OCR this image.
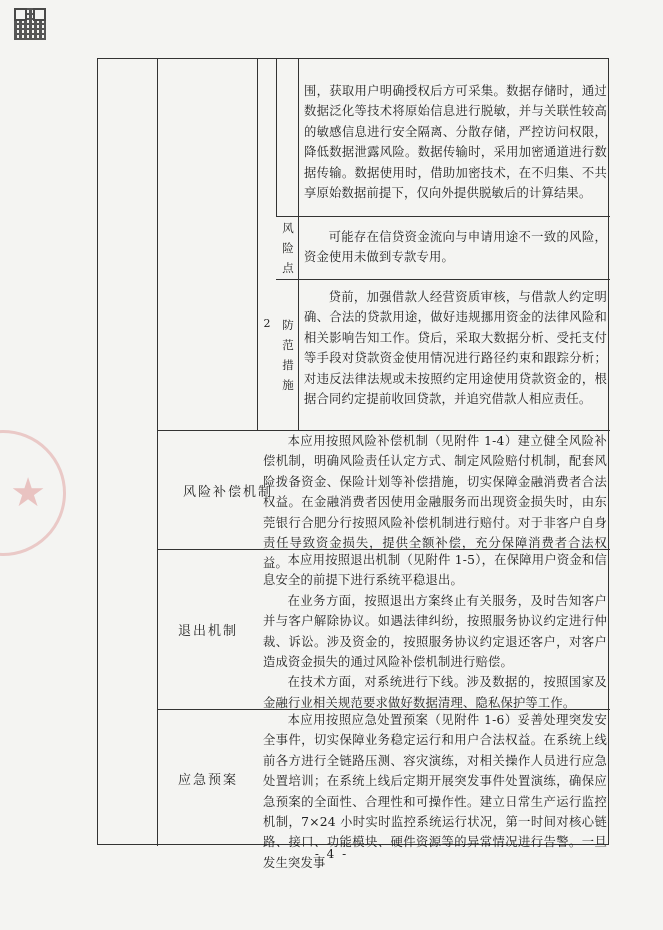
★

围，获取用户明确授权后方可采集。数据存储时，通过数据泛化等技术将原始信息进行脱敏，并与关联性较高的敏感信息进行安全隔离、分散存储，严控访问权限，降低数据泄露风险。数据传输时，采用加密通道进行数据传输。数据使用时，借助加密技术，在不归集、不共享原始数据前提下，仅向外提供脱敏后的计算结果。

2
风险点

可能存在信贷资金流向与申请用途不一致的风险，资金使用未做到专款专用。

防范措施

贷前，加强借款人经营资质审核，与借款人约定明确、合法的贷款用途，做好违规挪用资金的法律风险和相关影响告知工作。贷后，采取大数据分析、受托支付等手段对贷款资金使用情况进行路径约束和跟踪分析；对违反法律法规或未按照约定用途使用贷款资金的，根据合同约定提前收回贷款，并追究借款人相应责任。

风险补偿机制

本应用按照风险补偿机制（见附件 1-4）建立健全风险补偿机制，明确风险责任认定方式、制定风险赔付机制，配套风险拨备资金、保险计划等补偿措施，切实保障金融消费者合法权益。在金融消费者因使用金融服务而出现资金损失时，由东莞银行合肥分行按照风险补偿机制进行赔付。对于非客户自身责任导致资金损失，提供全额补偿，充分保障消费者合法权益。

退出机制

本应用按照退出机制（见附件 1-5），在保障用户资金和信息安全的前提下进行系统平稳退出。

在业务方面，按照退出方案终止有关服务，及时告知客户并与客户解除协议。如遇法律纠纷，按照服务协议约定进行仲裁、诉讼。涉及资金的，按照服务协议约定退还客户，对客户造成资金损失的通过风险补偿机制进行赔偿。

在技术方面，对系统进行下线。涉及数据的，按照国家及金融行业相关规范要求做好数据清理、隐私保护等工作。

应急预案

本应用按照应急处置预案（见附件 1-6）妥善处理突发安全事件，切实保障业务稳定运行和用户合法权益。在系统上线前各方进行全链路压测、容灾演练，对相关操作人员进行应急处置培训；在系统上线后定期开展突发事件处置演练，确保应急预案的全面性、合理性和可操作性。建立日常生产运行监控机制，7×24 小时实时监控系统运行状况，第一时间对核心链路、接口、功能模块、硬件资源等的异常情况进行告警。一旦发生突发事

- 4 -
